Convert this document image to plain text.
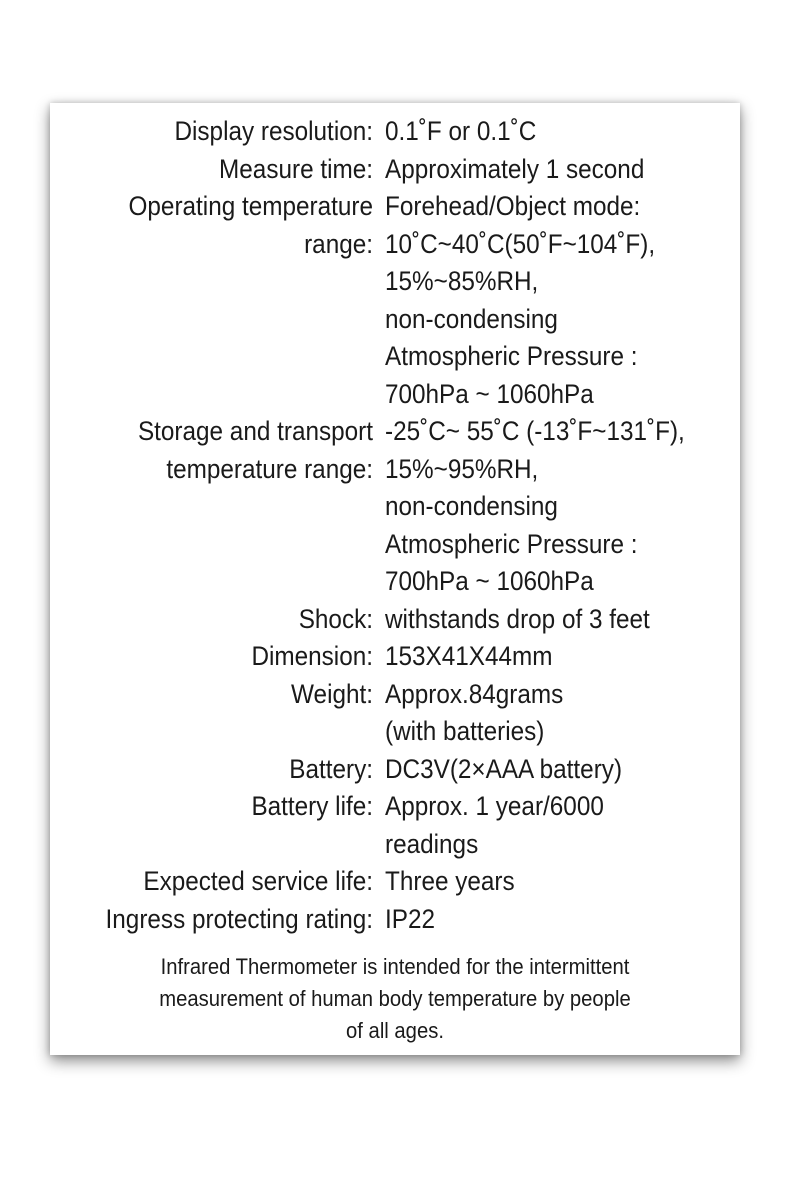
Display resolution: 0.1˚F or 0.1˚C
Measure time: Approximately 1 second
Operating temperature
range:
Forehead/Object mode:
10˚C~40˚C(50˚F~104˚F),
15%~85%RH,
non-condensing
Atmospheric Pressure :
700hPa ~ 1060hPa
Storage and transport
temperature range:
-25˚C~ 55˚C (-13˚F~131˚F),
15%~95%RH,
non-condensing
Atmospheric Pressure :
700hPa ~ 1060hPa
Shock: withstands drop of 3 feet
Dimension: 153X41X44mm
Weight: Approx.84grams
(with batteries)
Battery: DC3V(2×AAA battery)
Battery life: Approx. 1 year/6000
readings
Expected service life: Three years
Ingress protecting rating: IP22
Infrared Thermometer is intended for the intermittent
measurement of human body temperature by people
of all ages.
